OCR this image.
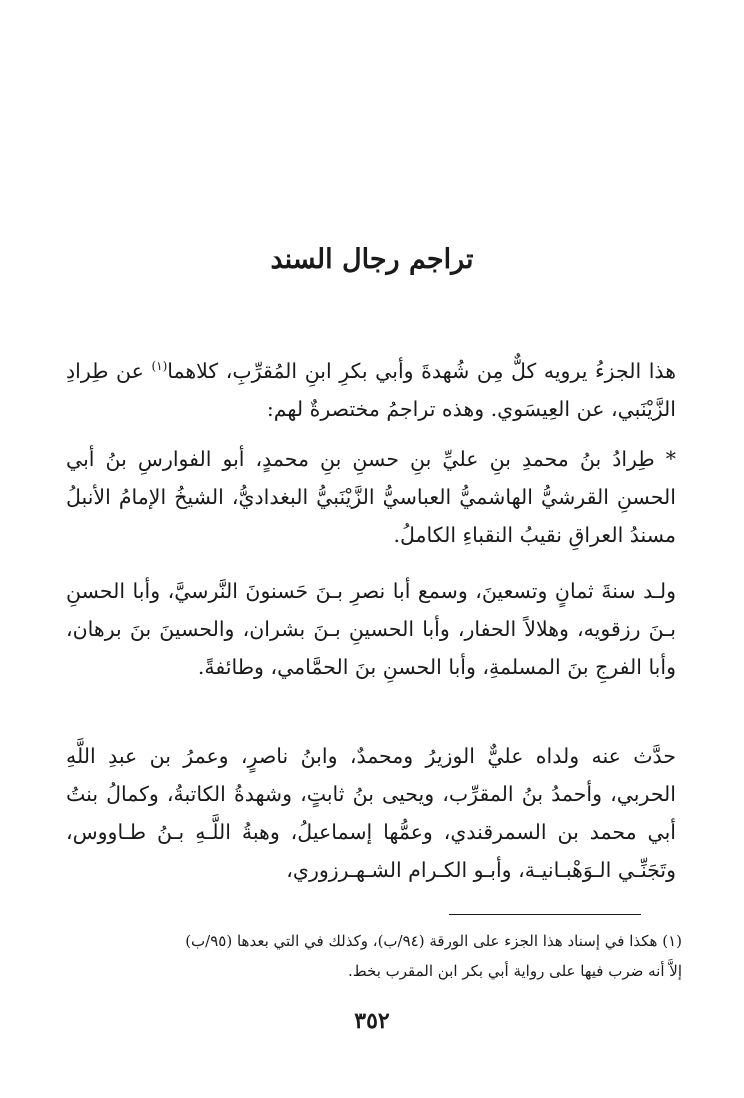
تراجم رجال السند

هذا الجزءُ يرويه كلٌّ مِن شُهدةَ وأبي بكرِ ابنِ المُقرِّبِ، كلاهما$^{(١)}$ عن طِرادِ الزَّيْنَبي، عن العِيسَوي. وهذه تراجمُ مختصرةٌ لهم:

* طِرادُ بنُ محمدِ بنِ عليِّ بنِ حسنِ بنِ محمدٍ، أبو الفوارسِ بنُ أبي الحسنِ القرشيُّ الهاشميُّ العباسيُّ الزَّيْنَبيُّ البغداديُّ، الشيخُ الإمامُ الأنبلُ مسندُ العراقِ نقيبُ النقباءِ الكاملُ.

ولـد سنةَ ثمانٍ وتسعينَ، وسمع أبا نصرِ بـنَ حَسنونَ النَّرسيَّ، وأبا الحسنِ بـنَ رزقويه، وهلالاً الحفار، وأبا الحسينِ بـنَ بشران، والحسينَ بنَ برهان، وأبا الفرجِ بنَ المسلمةِ، وأبا الحسنِ بنَ الحمَّامي، وطائفةً.

حدَّث عنه ولداه عليٌّ الوزيرُ ومحمدٌ، وابنُ ناصرٍ، وعمرُ بن عبدِ اللَّهِ الحربي، وأحمدُ بنُ المقرِّب، ويحيى بنُ ثابتٍ، وشهدةُ الكاتبةُ، وكمالُ بنتُ أبي محمد بن السمرقندي، وعمُّها إسماعيلُ، وهبةُ اللَّـهِ بـنُ طـاووس، وتَجَنِّـي الـوَهْبـانيـة، وأبـو الكـرام الشـهـرزوري،

(١) هكذا في إسناد هذا الجزء على الورقة (٩٤/ب)، وكذلك في التي بعدها (٩٥/ب)

إلاَّ أنه ضرب فيها على رواية أبي بكر ابن المقرب بخط.

٣٥٢
